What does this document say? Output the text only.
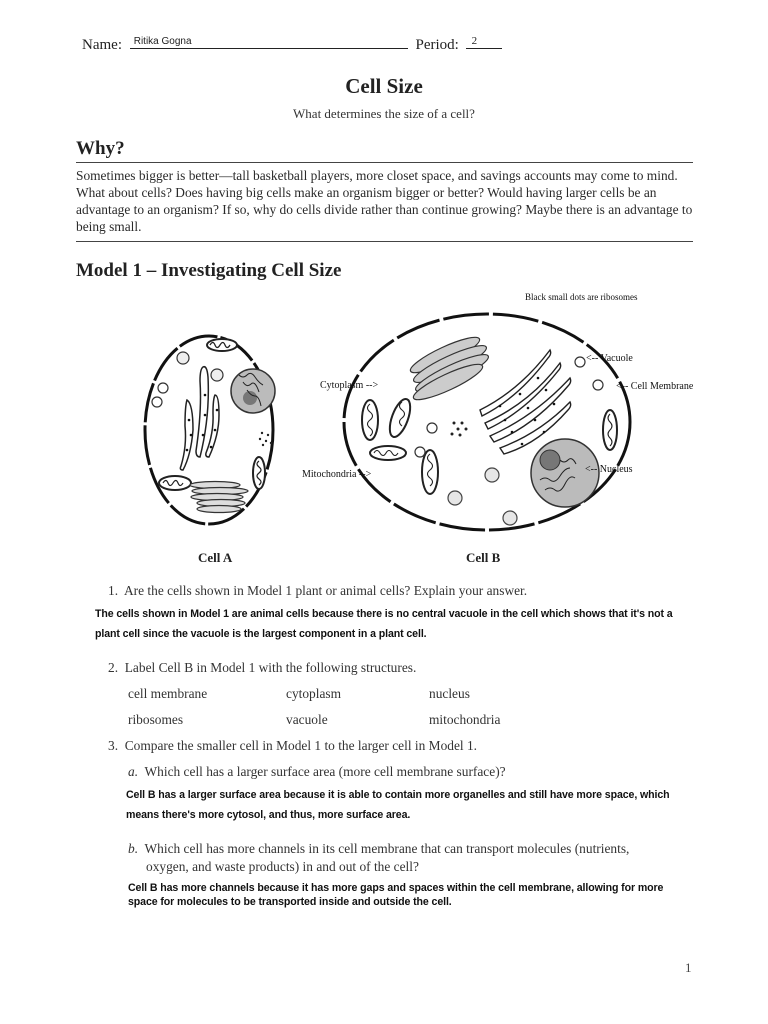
Name: Ritika Gogna	Period: 2
Cell Size
What determines the size of a cell?
Why?
Sometimes bigger is better—tall basketball players, more closet space, and savings accounts may come to mind. What about cells? Does having big cells make an organism bigger or better? Would having larger cells be an advantage to an organism? If so, why do cells divide rather than continue growing? Maybe there is an advantage to being small.
Model 1 – Investigating Cell Size
Black small dots are ribosomes
<-- Vacuole
<-- Cell Membrane
Cytoplasm -->
Mitochondria -->	<-- Nucleus
Cell A	Cell B
1. Are the cells shown in Model 1 plant or animal cells? Explain your answer.
The cells shown in Model 1 are animal cells because there is no central vacuole in the cell which shows that it's not a
plant cell since the vacuole is the largest component in a plant cell.
2. Label Cell B in Model 1 with the following structures.
cell membrane	cytoplasm	nucleus
ribosomes	vacuole	mitochondria
3. Compare the smaller cell in Model 1 to the larger cell in Model 1.
a. Which cell has a larger surface area (more cell membrane surface)?
Cell B has a larger surface area because it is able to contain more organelles and still have more space, which
means there's more cytosol, and thus, more surface area.
b. Which cell has more channels in its cell membrane that can transport molecules (nutrients,
oxygen, and waste products) in and out of the cell?
Cell B has more channels because it has more gaps and spaces within the cell membrane, allowing for more
space for molecules to be transported inside and outside the cell.
1
